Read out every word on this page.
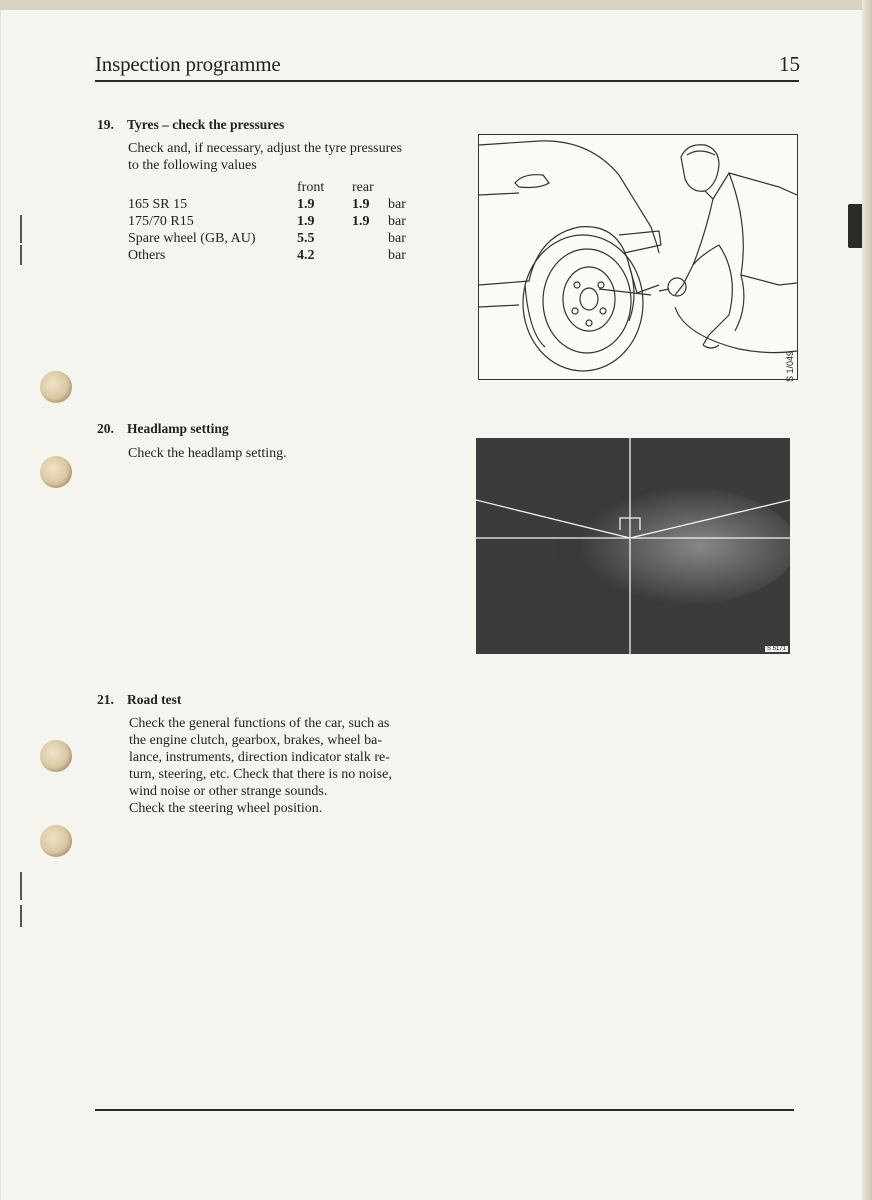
Inspection programme	15
19. Tyres – check the pressures
Check and, if necessary, adjust the tyre pressures
to the following values
	front	rear	
165 SR 15	1.9	1.9	bar
175/70 R15	1.9	1.9	bar
Spare wheel (GB, AU)	5.5		bar
Others	4.2		bar
S 1/049
20. Headlamp setting
Check the headlamp setting.
S 5171
21. Road test
Check the general functions of the car, such as
the engine clutch, gearbox, brakes, wheel ba-
lance, instruments, direction indicator stalk re-
turn, steering, etc. Check that there is no noise,
wind noise or other strange sounds.
Check the steering wheel position.
